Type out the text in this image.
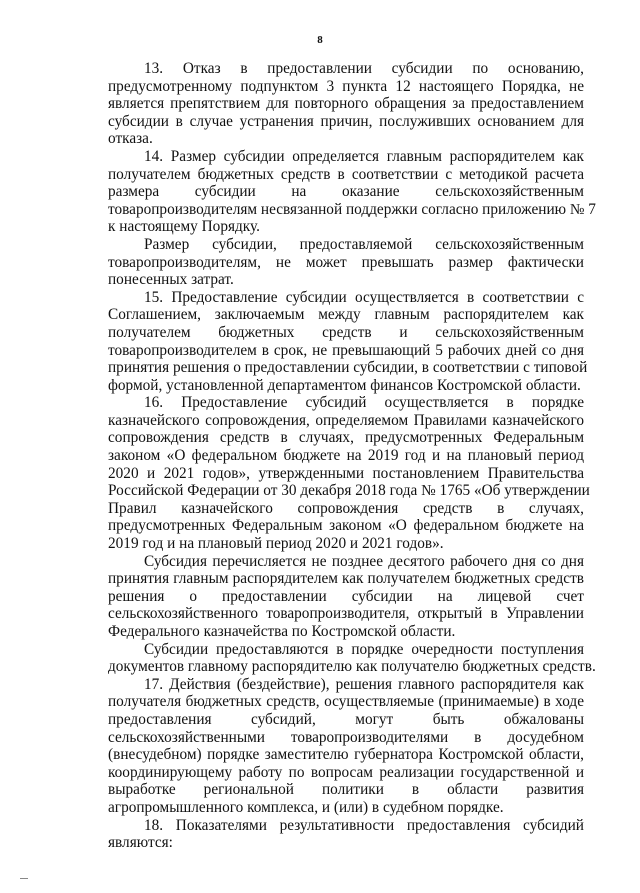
8
13. Отказ в предоставлении субсидии по основанию,
предусмотренному подпунктом 3 пункта 12 настоящего Порядка, не
является препятствием для повторного обращения за предоставлением
субсидии в случае устранения причин, послуживших основанием для
отказа.
14. Размер субсидии определяется главным распорядителем как
получателем бюджетных средств в соответствии с методикой расчета
размера субсидии на оказание сельскохозяйственным
товаропроизводителям несвязанной поддержки согласно приложению № 7
к настоящему Порядку.
Размер субсидии, предоставляемой сельскохозяйственным
товаропроизводителям, не может превышать размер фактически
понесенных затрат.
15. Предоставление субсидии осуществляется в соответствии с
Соглашением, заключаемым между главным распорядителем как
получателем бюджетных средств и сельскохозяйственным
товаропроизводителем в срок, не превышающий 5 рабочих дней со дня
принятия решения о предоставлении субсидии, в соответствии с типовой
формой, установленной департаментом финансов Костромской области.
16. Предоставление субсидий осуществляется в порядке
казначейского сопровождения, определяемом Правилами казначейского
сопровождения средств в случаях, предусмотренных Федеральным
законом «О федеральном бюджете на 2019 год и на плановый период
2020 и 2021 годов», утвержденными постановлением Правительства
Российской Федерации от 30 декабря 2018 года № 1765 «Об утверждении
Правил казначейского сопровождения средств в случаях,
предусмотренных Федеральным законом «О федеральном бюджете на
2019 год и на плановый период 2020 и 2021 годов».
Субсидия перечисляется не позднее десятого рабочего дня со дня
принятия главным распорядителем как получателем бюджетных средств
решения о предоставлении субсидии на лицевой счет
сельскохозяйственного товаропроизводителя, открытый в Управлении
Федерального казначейства по Костромской области.
Субсидии предоставляются в порядке очередности поступления
документов главному распорядителю как получателю бюджетных средств.
17. Действия (бездействие), решения главного распорядителя как
получателя бюджетных средств, осуществляемые (принимаемые) в ходе
предоставления субсидий, могут быть обжалованы
сельскохозяйственными товаропроизводителями в досудебном
(внесудебном) порядке заместителю губернатора Костромской области,
координирующему работу по вопросам реализации государственной и
выработке региональной политики в области развития
агропромышленного комплекса, и (или) в судебном порядке.
18. Показателями результативности предоставления субсидий
являются:
